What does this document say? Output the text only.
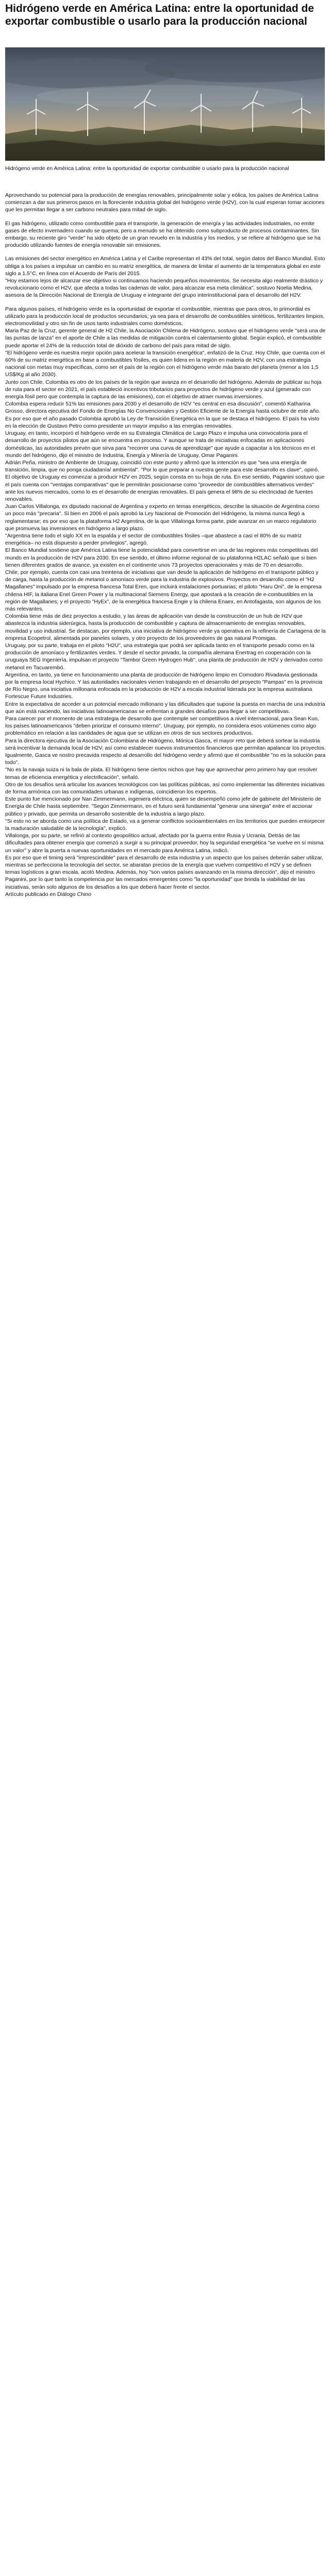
Hidrógeno verde en América Latina: entre la oportunidad de exportar combustible o usarlo para la producción nacional

Hidrógeno verde en América Latina: entre la oportunidad de exportar combustible o usarlo para la producción nacional

Aprovechando su potencial para la producción de energías renovables, principalmente solar y eólica, los países de América Latina comienzan a dar sus primeros pasos en la floreciente industria global del hidrógeno verde (H2V), con la cual esperan tomar acciones que les permitan llegar a ser carbono neutrales para mitad de siglo.

El gas hidrógeno, utilizado como combustible para el transporte, la generación de energía y las actividades industriales, no emite gases de efecto invernadero cuando se quema; pero a menudo se ha obtenido como subproducto de procesos contaminantes. Sin embargo, su reciente giro "verde" ha sido objeto de un gran revuelo en la industria y los medios, y se refiere al hidrógeno que se ha producido utilizando fuentes de energía renovable sin emisiones.

Las emisiones del sector energético en América Latina y el Caribe representan el 43% del total, según datos del Banco Mundial. Esto obliga a los países a impulsar un cambio en su matriz energética, de manera de limitar el aumento de la temperatura global en este siglo a 1.5°C, en línea con el Acuerdo de París del 2015.
"Hoy estamos lejos de alcanzar ese objetivo si continuamos haciendo pequeños movimientos. Se necesita algo realmente drástico y revolucionario como el H2V, que afecta a todas las cadenas de valor, para alcanzar esa meta climática", sostuvo Noelia Medina, asesora de la Dirección Nacional de Energía de Uruguay e integrante del grupo interinstitucional para el desarrollo del H2V.

Para algunos países, el hidrógeno verde es la oportunidad de exportar el combustible, mientras que para otros, lo primordial es utilizarlo para la producción local de productos secundarios; ya sea para el desarrollo de combustibles sintéticos, fertilizantes limpios, electromovilidad y otro sin fin de usos tanto industriales como domésticos.
Maria Paz de la Cruz, gerente general de H2 Chile, la Asociación Chilena de Hidrógeno, sostuvo que el hidrógeno verde "será una de las puntas de lanza" en el aporte de Chile a las medidas de mitigación contra el calentamiento global. Según explicó, el combustible puede aportar el 24% de la reducción total de dióxido de carbono del país para mitad de siglo.
"El hidrógeno verde es nuestra mejor opción para acelerar la transición energética", enfatizó de la Cruz. Hoy Chile, que cuenta con el 60% de su matriz energética en base a combustibles fósiles, es quien lidera en la región en materia de H2V, con una estrategia nacional con metas muy específicas, como ser el país de la región con el hidrógeno verde más barato del planeta (menor a los 1,5 US$/Kg al año 2030).
Junto con Chile, Colombia es otro de los países de la región que avanza en el desarrollo del hidrógeno. Además de publicar su hoja de ruta para el sector en 2021, el país estableció incentivos tributarios para proyectos de hidrógeno verde y azul (generado con energía fósil pero que contempla la captura de las emisiones), con el objetivo de atraer nuevas inversiones.
Colombia espera reducir 51% las emisiones para 2030 y el desarrollo de H2V "es central en esa discusión", comentó Katharina Grosso, directora ejecutiva del Fondo de Energías No Convencionales y Gestión Eficiente de la Energía hasta octubre de este año. Es por eso que el año pasado Colombia aprobó la Ley de Transición Energética en la que se destaca el hidrógeno. El país ha visto en la elección de Gustavo Petro como presidente un mayor impulso a las energías renovables.
Uruguay, en tanto, incorporó el hidrógeno verde en su Estrategia Climática de Largo Plazo e impulsa una convocatoria para el desarrollo de proyectos pilotos que aún se encuentra en proceso. Y aunque se trata de iniciativas enfocadas en aplicaciones domésticas, las autoridades prevén que sirva para "recorrer una curva de aprendizaje" que ayude a capacitar a los técnicos en el mundo del hidrógeno, dijo el ministro de Industria, Energía y Minería de Uruguay, Omar Paganini.
Adrián Peña, ministro de Ambiente de Uruguay, coincidió con este punto y afirmó que la intención es que "sea una energía de transición, limpia, que no ponga ciudadanía/ ambiental". "Por lo que preparar a nuestra gente para este desarrollo es clave", opinó.
El objetivo de Uruguay es comenzar a producir H2V en 2025, según consta en su hoja de ruta. En ese sentido, Paganini sostuvo que el país cuenta con "ventajas comparativas" que le permitirán posicionarse como "proveedor de combustibles alternativos verdes" ante los nuevos mercados, como lo es el desarrollo de energías renovables. El país genera el 98% de su electricidad de fuentes renovables.
Juan Carlos Villalonga, ex diputado nacional de Argentina y experto en temas energéticos, describe la situación de Argentina como un poco más "precaria". Si bien en 2006 el país aprobó la Ley Nacional de Promoción del Hidrógeno, la misma nunca llegó a reglamentarse; es por eso que la plataforma H2 Argentina, de la que Villalonga forma parte, pide avanzar en un marco regulatorio que promueva las inversiones en hidrógeno a largo plazo.
"Argentina tiene todo el siglo XX en la espalda y el sector de combustibles fósiles –que abastece a casi el 80% de su matriz energética– no está dispuesto a perder privilegios", agregó.
El Banco Mundial sostiene que América Latina tiene la potencialidad para convertirse en una de las regiones más competitivas del mundo en la producción de H2V para 2030. En ese sentido, el último informe regional de su plataforma H2LAC señaló que si bien tienen diferentes grados de avance, ya existen en el continente unos 73 proyectos operacionales y más de 70 en desarrollo.
Chile, por ejemplo, cuenta con casi una treintena de iniciativas que van desde la aplicación de hidrógeno en el transporte público y de carga, hasta la producción de metanol o amoníaco verde para la industria de explosivos. Proyectos en desarrollo como el "H2 Magallanes" impulsado por la empresa francesa Total Eren, que incluirá instalaciones portuarias; el piloto "Haru Oni", de la empresa chilena HIF, la italiana Enel Green Power y la multinacional Siemens Energy, que apostará a la creación de e-combustibles en la región de Magallanes; y el proyecto "HyEx", de la energética francesa Engie y la chilena Enaex, en Antofagasta, son algunos de los más relevantes.
Colombia tiene más de diez proyectos a estudio, y las áreas de aplicación van desde la construcción de un hub de H2V que abastezca la industria siderúrgica, hasta la producción de combustible y captura de almacenamiento de energías renovables, movilidad y uso industrial. Se destacan, por ejemplo, una iniciativa de hidrógeno verde ya operativa en la refinería de Cartagena de la empresa Ecopetrol, alimentada por paneles solares, y otro proyecto de los proveedores de gas natural Promigas.
Uruguay, por su parte, trabaja en el piloto "H2U", una estrategia que podrá ser aplicada tanto en el transporte pesado como en la producción de amoníaco y fertilizantes verdes. Y desde el sector privado, la compañía alemana Enertrag en cooperación con la uruguaya SEG Ingeniería, impulsan el proyecto "Tambor Green Hydrogen Hub", una planta de producción de H2V y derivados como metanol en Tacuarembó.
Argentina, en tanto, ya tiene en funcionamiento una planta de producción de hidrógeno limpio en Comodoro Rivadavia gestionada por la empresa local Hychico. Y las autoridades nacionales vienen trabajando en el desarrollo del proyecto "Pampas" en la provincia de Río Negro, una iniciativa millonaria enfocada en la producción de H2V a escala industrial liderada por la empresa australiana Fortescue Future Industries.
Entre la expectativa de acceder a un potencial mercado millonario y las dificultades que supone la puesta en marcha de una industria que aún está naciendo, las iniciativas latinoamericanas se enfrentan a grandes desafíos para llegar a ser competitivas.
Para carecer por el momento de una estrategia de desarrollo que contemple ser competitivos a nivel internacional, para Sean Kuo, los países latinoamericanos "deben priorizar el consumo interno". Uruguay, por ejemplo, no considera esos volúmenes como algo problemático en relación a las cantidades de agua que se utilizan en otros de sus sectores productivos.
Para la directora ejecutiva de la Asociación Colombiana de Hidrógeno, Mónica Gasca, el mayor reto que deberá sortear la industria será incentivar la demanda local de H2V, así como establecer nuevos instrumentos financieros que permitan apalancar los proyectos. Igualmente, Gasca ve nostro precavida respecto al desarrollo del hidrógeno verde y afirmó que el combustible "no es la solución para todo".
"No es la navaja suiza ni la bala de plata. El hidrógeno tiene ciertos nichos que hay que aprovechar pero primero hay que resolver temas de eficiencia energética y electrificación", señaló.
Otro de los desafíos será articular los avances tecnológicos con las políticas públicas, así como implementar las diferentes iniciativas de forma armónica con las comunidades urbanas e indígenas, coincidieron los expertos.
Este punto fue mencionado por Nan Zimmermann, ingeniera eléctrica, quien se desempeñó como jefe de gabinete del Ministerio de Energía de Chile hasta septiembre. "Según Zimmermann, en el futuro será fundamental "generar una sinergia" entre el accionar público y privado, que permita un desarrollo sostenible de la industria a largo plazo.
"Si esto no se aborda como una política de Estado, va a generar conflictos socioambientales en los territorios que pueden entorpecer la maduración saludable de la tecnología", explicó.
Villalonga, por su parte, se refirió al contexto geopolítico actual, afectado por la guerra entre Rusia y Ucrania. Detrás de las dificultades para obtener energía que comenzó a surgir a su principal proveedor, hoy la seguridad energética "se vuelve en sí misma un valor" y abre la puerta a nuevas oportunidades en el mercado para América Latina, indicó.
Es por eso que el timing será "imprescindible" para el desarrollo de esta industria y un aspecto que los países deberán saber utilizar, mientras se perfecciona la tecnología del sector, se abaratan precios de la energía que vuelven competitivo el H2V y se definen temas logísticos a gran escala, acotó Medina. Además, hoy "son varios países avanzando en la misma dirección", dijo el ministro Paganini, por lo que tanto la competencia por las mercados emergentes como "la oportunidad" que brinda la viabilidad de las iniciativas, serán solo algunos de los desafíos a los que deberá hacer frente el sector.
Artículo publicado en Diálogo Chino
